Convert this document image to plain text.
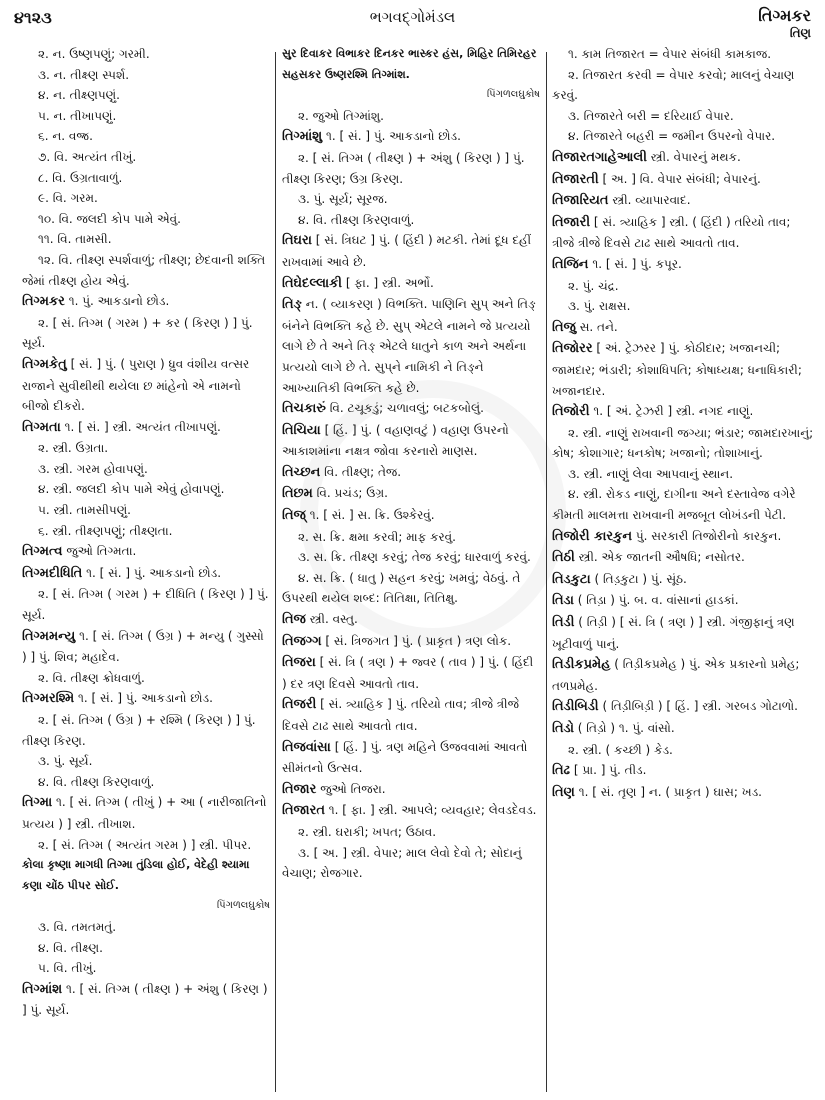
૪૧૨૩	ભગવદ્ગોમંડલ	તિગ્મકર
તિણ

૨. ન. ઉષ્ણપણું; ગરમી.

૩. ન. તીક્ષ્ણ સ્પર્શ.

૪. ન. તીક્ષ્ણપણું.

૫. ન. તીખાપણું.

૬. ન. વજ્ર.

૭. વિ. અત્યંત તીખું.

૮. વિ. ઉગ્રતાવાળું.

૯. વિ. ગરમ.

૧૦. વિ. જલદી કોપ પામે એવું.

૧૧. વિ. તામસી.

૧૨. વિ. તીક્ષ્ણ સ્પર્શવાળું; તીક્ષ્ણ; છેદવાની શક્તિ જેમાં તીક્ષ્ણ હોય એવું.

તિગ્મકર ૧. પું. આકડાનો છોડ.

૨. [ સં. તિગ્મ ( ગરમ ) + કર ( કિરણ ) ] પું. સૂર્ય.

તિગ્મકેતુ [ સં. ] પું. ( પુરાણ ) ધ્રુવ વંશીય વત્સર રાજાને સુવીથીથી થયેલા છ માંહેનો એ નામનો બીજો દીકરો.

તિગ્મતા ૧. [ સં. ] સ્ત્રી. અત્યંત તીખાપણું.

૨. સ્ત્રી. ઉગ્રતા.

૩. સ્ત્રી. ગરમ હોવાપણું.

૪. સ્ત્રી. જલદી કોપ પામે એવું હોવાપણું.

૫. સ્ત્રી. તામસીપણું.

૬. સ્ત્રી. તીક્ષ્ણપણું; તીક્ષ્ણતા.

તિગ્મત્વ જુઓ તિગ્મતા.

તિગ્મદીધિતિ ૧. [ સં. ] પું. આકડાનો છોડ.

૨. [ સં. તિગ્મ ( ગરમ ) + દીધિતિ ( કિરણ ) ] પું. સૂર્ય.

તિગ્મમન્યુ ૧. [ સં. તિગ્મ ( ઉગ્ર ) + મન્યુ ( ગુસ્સો ) ] પું. શિવ; મહાદેવ.

૨. વિ. તીક્ષ્ણ ક્રોધવાળું.

તિગ્મરશ્મિ ૧. [ સં. ] પું. આકડાનો છોડ.

૨. [ સં. તિગ્મ ( ઉગ્ર ) + રશ્મિ ( કિરણ ) ] પું. તીક્ષ્ણ કિરણ.

૩. પું. સૂર્ય.

૪. વિ. તીક્ષ્ણ કિરણવાળું.

તિગ્મા ૧. [ સં. તિગ્મ ( તીખું ) + આ ( નારીજાતિનો પ્રત્યય ) ] સ્ત્રી. તીખાશ.

૨. [ સં. તિગ્મ ( અત્યંત ગરમ ) ] સ્ત્રી. પીપર.

કોલા કૃષ્ણા માગધી તિગ્મા તુંડિલા હોઈ, વેદેહી શ્યામા કણા ચોંઠ પીપર સોઈ.
પિંગળલઘુકોષ

૩. વિ. તમતમતું.

૪. વિ. તીક્ષ્ણ.

૫. વિ. તીખું.

તિગ્માંશ ૧. [ સં. તિગ્મ ( તીક્ષ્ણ ) + અંશુ ( કિરણ ) ] પું. સૂર્ય.

સુર દિવાકર વિભાકર દિનકર ભાસ્કર હંસ, મિહિર તિમિરહર સહસકર ઉષ્ણરશ્મિ તિગ્માંશ.
પિંગળલઘુકોષ

૨. જુઓ તિગ્માંશુ.

તિગ્માંશુ ૧. [ સં. ] પું. આકડાનો છોડ.

૨. [ સં. તિગ્મ ( તીક્ષ્ણ ) + અંશુ ( કિરણ ) ] પું. તીક્ષ્ણ કિરણ; ઉગ્ર કિરણ.

૩. પું. સૂર્ય; સૂરજ.

૪. વિ. તીક્ષ્ણ કિરણવાળું.

તિઘરા [ સં. ત્રિઘટ ] પું. ( હિંદી ) મટકી. તેમાં દૂધ દહીં રાખવામાં આવે છે.

તિઘેદલ્લાકી [ ફા. ] સ્ત્રી. અર્ભો.

તિઙ્ ન. ( વ્યાકરણ ) વિભક્તિ. પાણિનિ સુપ્ અને તિઙ્ બંનેને વિભક્તિ કહે છે. સુપ્ એટલે નામને જે પ્રત્યયો લાગે છે તે અને તિઙ્ એટલે ધાતુને કાળ અને અર્થના પ્રત્યયો લાગે છે તે. સુપ્‌ને નામિકી ને તિઙ્‌ને આખ્યાતિકી વિભક્તિ કહે છે.

તિચકારું વિ. ટચૂકડું; ચળાવલું; બટકબોલું.

તિચિયા [ હિં. ] પું. ( વહાણવટું ) વહાણ ઉપરનો આકાશમાંના નક્ષત્ર જોવા કરનારો માણસ.

તિચ્છન વિ. તીક્ષ્ણ; તેજ.

તિછમ વિ. પ્રચંડ; ઉગ્ર.

તિજ્ ૧. [ સં. ] સ. ક્રિ. ઉશ્કેરવું.

૨. સ. ક્રિ. ક્ષમા કરવી; માફ કરવું.

૩. સ. ક્રિ. તીક્ષ્ણ કરવું; તેજ કરવું; ધારવાળું કરવું.

૪. સ. ક્રિ. ( ધાતુ ) સહન કરવું; ખમવું; વેઠવું. તે ઉપરથી થયેલ શબ્દ: તિતિક્ષા, તિતિક્ષુ.

તિજ સ્ત્રી. વસ્તુ.

તિજગ્ગ [ સં. ત્રિજગત ] પું. ( પ્રાકૃત ) ત્રણ લોક.

તિજરા [ સં. ત્રિ ( ત્રણ ) + જ્વર ( તાવ ) ] પું. ( હિંદી ) દર ત્રણ દિવસે આવતો તાવ.

તિજરી [ સં. ત્ર્યાહિક ] પું. તરિયો તાવ; ત્રીજે ત્રીજે દિવસે ટાઢ સાથે આવતો તાવ.

તિજવાંસા [ હિં. ] પું. ત્રણ મહિને ઉજવવામાં આવતો સીમંતનો ઉત્સવ.

તિજાર જુઓ તિજરા.

તિજારત ૧. [ ફા. ] સ્ત્રી. આપલે; વ્યવહાર; લેવડદેવડ.

૨. સ્ત્રી. ઘરાકી; ખપત; ઉઠાવ.

૩. [ અ. ] સ્ત્રી. વેપાર; માલ લેવો દેવો તે; સોદાનું વેચાણ; રોજગાર.

૧. કામ તિજારત = વેપાર સંબંધી કામકાજ.

૨. તિજારત કરવી = વેપાર કરવો; માલનું વેચાણ કરવું.

૩. તિજારતે બરી = દરિયાઈ વેપાર.

૪. તિજારતે બહરી = જમીન ઉપરનો વેપાર.

તિજારતગાહેઆલી સ્ત્રી. વેપારનું મથક.

તિજારતી [ અ. ] વિ. વેપાર સંબંધી; વેપારનું.

તિજારિયત સ્ત્રી. વ્યાપારવાદ.

તિજારી [ સં. ત્ર્યાહિક ] સ્ત્રી. ( હિંદી ) તરિયો તાવ; ત્રીજે ત્રીજે દિવસે ટાઢ સાથે આવતો તાવ.

તિજિન ૧. [ સં. ] પું. કપૂર.

૨. પું. ચંદ્ર.

૩. પું. રાક્ષસ.

તિજુ સ. તને.

તિજોરર [ અં. ટ્રેઝરર ] પું. કોઠીદાર; ખજાનચી; જામદાર; ભંડારી; કોશાધિપતિ; કોષાધ્યક્ષ; ધનાધિકારી; ખજાનદાર.

તિજોરી ૧. [ અં. ટ્રેઝરી ] સ્ત્રી. નગદ નાણું.

૨. સ્ત્રી. નાણું રાખવાની જગ્યા; ભંડાર; જામદારખાનું; કોષ; કોશાગાર; ધનકોષ; ખજાનો; તોશાખાનું.

૩. સ્ત્રી. નાણું લેવા આપવાનું સ્થાન.

૪. સ્ત્રી. રોકડ નાણું, દાગીના અને દસ્તાવેજ વગેરે કીમતી માલમત્તા રાખવાની મજબૂત લોખંડની પેટી.

તિજોરી કારકુન પું. સરકારી તિજોરીનો કારકુન.

તિઠી સ્ત્રી. એક જાતની ઔષધિ; નસોતર.

તિડકુટા ( તિડ઼કુટા ) પું. સૂંઠ.

તિડા ( તિડ઼ા ) પું. બ. વ. વાંસાનાં હાડકાં.

તિડી ( તિડ઼ી ) [ સં. ત્રિ ( ત્રણ ) ] સ્ત્રી. ગંજીફાનું ત્રણ ખૂટીવાળું પાનું.

તિડીકપ્રમેહ ( તિડ઼ીકપ્રમેહ ) પું. એક પ્રકારનો પ્રમેહ; તળપ્રમેહ.

તિડીબિડી ( તિડ઼ીબિડ઼ી ) [ હિં. ] સ્ત્રી. ગરબડ ગોટાળો.

તિડો ( તિડ઼ો ) ૧. પું. વાંસો.

૨. સ્ત્રી. ( કચ્છી ) કેડ.

તિઢ [ પ્રા. ] પું. તીડ.

તિણ ૧. [ સં. તૃણ ] ન. ( પ્રાકૃત ) ઘાસ; ખડ.
